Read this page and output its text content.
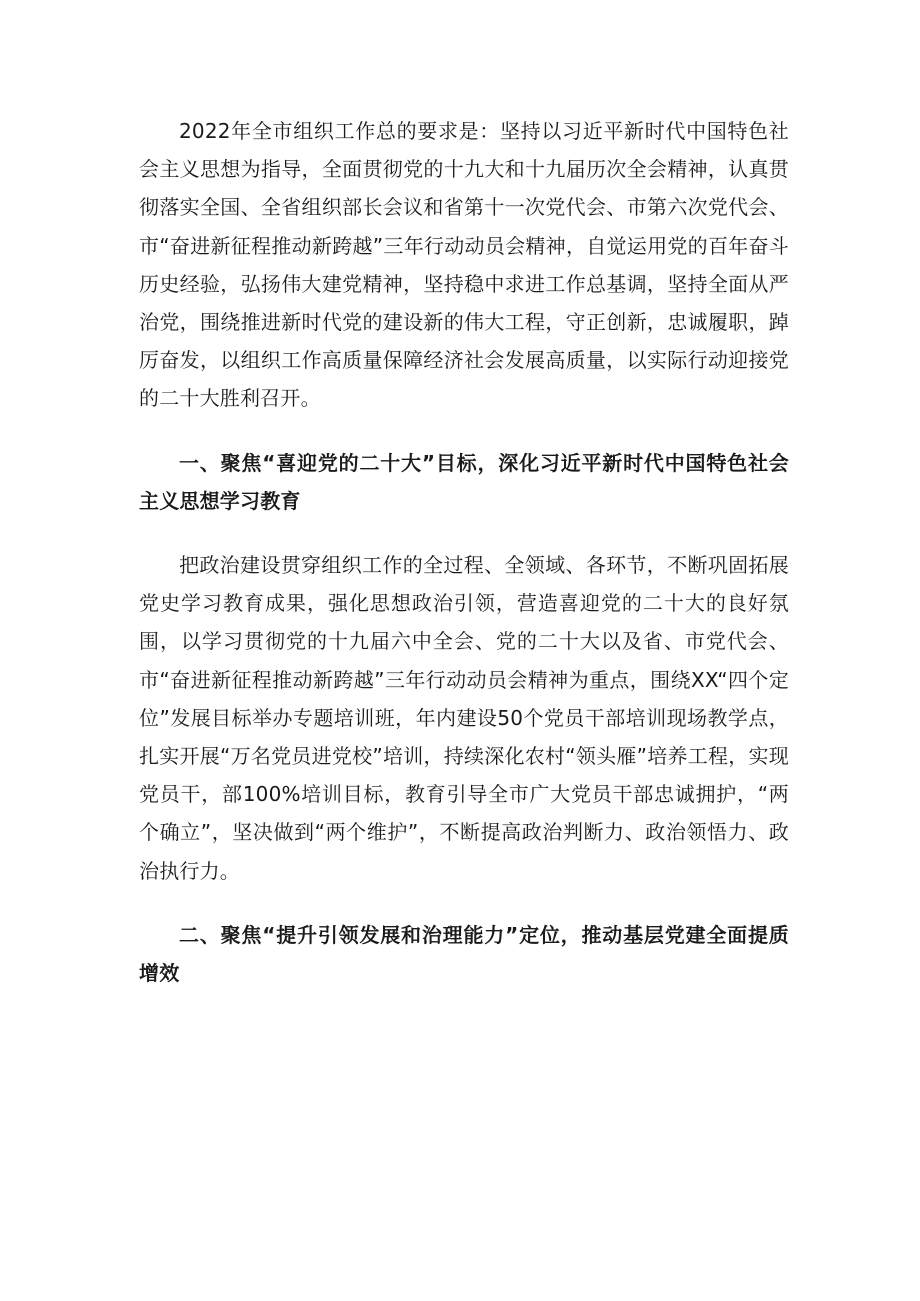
2022年全市组织工作总的要求是：坚持以习近平新时代中国特色社会主义思想为指导，全面贯彻党的十九大和十九届历次全会精神，认真贯彻落实全国、全省组织部长会议和省第十一次党代会、市第六次党代会、市“奋进新征程推动新跨越”三年行动动员会精神，自觉运用党的百年奋斗历史经验，弘扬伟大建党精神，坚持稳中求进工作总基调，坚持全面从严治党，围绕推进新时代党的建设新的伟大工程，守正创新，忠诚履职，踔厉奋发，以组织工作高质量保障经济社会发展高质量，以实际行动迎接党的二十大胜利召开。

一、聚焦“喜迎党的二十大”目标，深化习近平新时代中国特色社会主义思想学习教育

把政治建设贯穿组织工作的全过程、全领域、各环节，不断巩固拓展党史学习教育成果，强化思想政治引领，营造喜迎党的二十大的良好氛围，以学习贯彻党的十九届六中全会、党的二十大以及省、市党代会、市“奋进新征程推动新跨越”三年行动动员会精神为重点，围绕XX“四个定位”发展目标举办专题培训班，年内建设50个党员干部培训现场教学点，扎实开展“万名党员进党校”培训，持续深化农村“领头雁”培养工程，实现党员干，部100%培训目标，教育引导全市广大党员干部忠诚拥护，“两个确立”，坚决做到“两个维护”，不断提高政治判断力、政治领悟力、政治执行力。

二、聚焦“提升引领发展和治理能力”定位，推动基层党建全面提质增效
